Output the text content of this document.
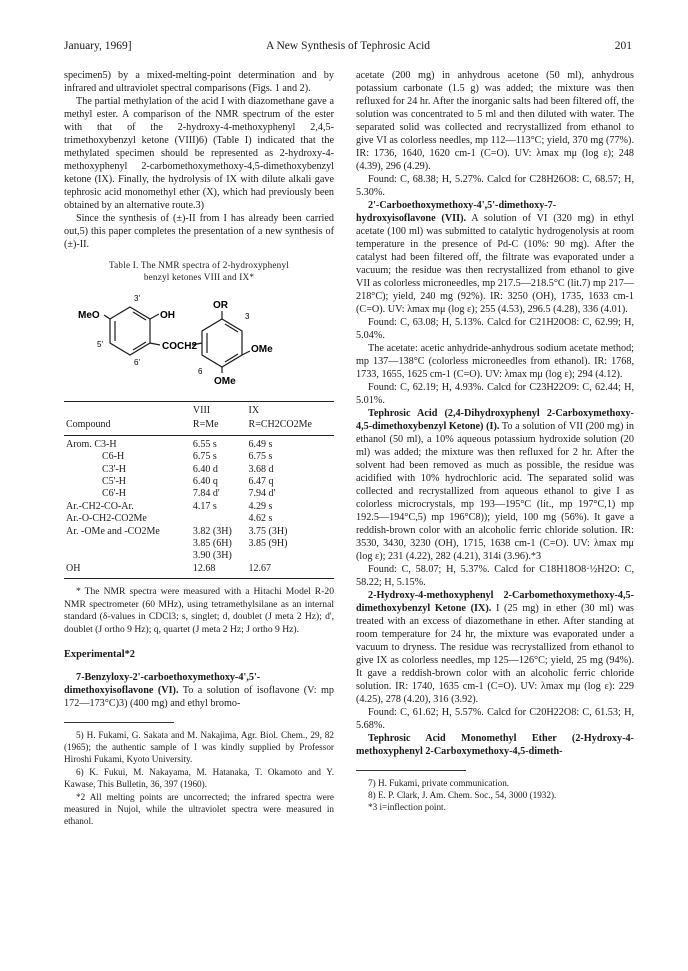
January, 1969]	A New Synthesis of Tephrosic Acid	201

specimen5) by a mixed-melting-point determination and by infrared and ultraviolet spectral comparisons (Figs. 1 and 2).

The partial methylation of the acid I with diazomethane gave a methyl ester. A comparison of the NMR spectrum of the ester with that of the 2-hydroxy-4-methoxyphenyl 2,4,5-trimethoxybenzyl ketone (VIII)6) (Table I) indicated that the methylated specimen should be represented as 2-hydroxy-4-methoxyphenyl 2-carbomethoxymethoxy-4,5-dimethoxybenzyl ketone (IX). Finally, the hydrolysis of IX with dilute alkali gave tephrosic acid monomethyl ether (X), which had previously been obtained by an alternative route.3)

Since the synthesis of (±)-II from I has already been carried out,5) this paper completes the presentation of a new synthesis of (±)-II.

Table I. The NMR spectra of 2-hydroxyphenyl
benzyl ketones VIII and IX*
MeO	OH
COCH2
OR
OMe
OMe
3'
5'
6'
3
6
	VIII	IX
Compound	R=Me	R=CH2CO2Me
Arom. C3-H	6.55 s	6.49 s
C6-H	6.75 s	6.75 s
C3'-H	6.40 d	3.68 d
C5'-H	6.40 q	6.47 q
C6'-H	7.84 d'	7.94 d'
Ar.-CH2-CO-Ar.	4.17 s	4.29 s
Ar.-O-CH2-CO2Me		4.62 s
Ar. -OMe and -CO2Me	3.82 (3H)	3.75 (3H)
	3.85 (6H)	3.85 (9H)
	3.90 (3H)	
OH	12.68	12.67

* The NMR spectra were measured with a Hitachi Model R-20 NMR spectrometer (60 MHz), using tetramethylsilane as an internal standard (δ-values in CDCl3; s, singlet; d, doublet (J meta 2 Hz); d', doublet (J ortho 9 Hz); q, quartet (J meta 2 Hz; J ortho 9 Hz).

Experimental*2

7-Benzyloxy-2'-carboethoxymethoxy-4',5'-dimethoxyisoflavone (VI). To a solution of isoflavone (V: mp 172—173°C)3) (400 mg) and ethyl bromo-

5) H. Fukami, G. Sakata and M. Nakajima, Agr. Biol. Chem., 29, 82 (1965); the authentic sample of I was kindly supplied by Professor Hiroshi Fukami, Kyoto University.

6) K. Fukui, M. Nakayama, M. Hatanaka, T. Okamoto and Y. Kawase, This Bulletin, 36, 397 (1960).

*2 All melting points are uncorrected; the infrared spectra were measured in Nujol, while the ultraviolet spectra were measured in ethanol.

acetate (200 mg) in anhydrous acetone (50 ml), anhydrous potassium carbonate (1.5 g) was added; the mixture was then refluxed for 24 hr. After the inorganic salts had been filtered off, the solution was concentrated to 5 ml and then diluted with water. The separated solid was collected and recrystallized from ethanol to give VI as colorless needles, mp 112—113°C; yield, 370 mg (77%). IR: 1736, 1640, 1620 cm-1 (C=O). UV: λmax mμ (log ε); 248 (4.39), 296 (4.29).

Found: C, 68.38; H, 5.27%. Calcd for C28H26O8: C, 68.57; H, 5.30%.

2'-Carboethoxymethoxy-4',5'-dimethoxy-7-hydroxyisoflavone (VII). A solution of VI (320 mg) in ethyl acetate (100 ml) was submitted to catalytic hydrogenolysis at room temperature in the presence of Pd-C (10%: 90 mg). After the catalyst had been filtered off, the filtrate was evaporated under a vacuum; the residue was then recrystallized from ethanol to give VII as colorless microneedles, mp 217.5—218.5°C (lit.7) mp 217—218°C); yield, 240 mg (92%). IR: 3250 (OH), 1735, 1633 cm-1 (C=O). UV: λmax mμ (log ε); 255 (4.53), 296.5 (4.28), 336 (4.01).

Found: C, 63.08; H, 5.13%. Calcd for C21H20O8: C, 62.99; H, 5.04%.

The acetate: acetic anhydride-anhydrous sodium acetate method; mp 137—138°C (colorless microneedles from ethanol). IR: 1768, 1733, 1655, 1625 cm-1 (C=O). UV: λmax mμ (log ε); 294 (4.12).

Found: C, 62.19; H, 4.93%. Calcd for C23H22O9: C, 62.44; H, 5.01%.

Tephrosic Acid (2,4-Dihydroxyphenyl 2-Carboxymethoxy-4,5-dimethoxybenzyl Ketone) (I). To a solution of VII (200 mg) in ethanol (50 ml), a 10% aqueous potassium hydroxide solution (20 ml) was added; the mixture was then refluxed for 2 hr. After the solvent had been removed as much as possible, the residue was acidified with 10% hydrochloric acid. The separated solid was collected and recrystallized from aqueous ethanol to give I as colorless microcrystals, mp 193—195°C (lit., mp 197°C,1) mp 192.5—194°C,5) mp 196°C8)); yield, 100 mg (56%). It gave a reddish-brown color with an alcoholic ferric chloride solution. IR: 3530, 3430, 3230 (OH), 1715, 1638 cm-1 (C=O). UV: λmax mμ (log ε); 231 (4.22), 282 (4.21), 314i (3.96).*3

Found: C, 58.07; H, 5.37%. Calcd for C18H18O8·½H2O: C, 58.22; H, 5.15%.

2-Hydroxy-4-methoxyphenyl 2-Carbomethoxymethoxy-4,5-dimethoxybenzyl Ketone (IX). I (25 mg) in ether (30 ml) was treated with an excess of diazomethane in ether. After standing at room temperature for 24 hr, the mixture was evaporated under a vacuum to dryness. The residue was recrystallized from ethanol to give IX as colorless needles, mp 125—126°C; yield, 25 mg (94%). It gave a reddish-brown color with an alcoholic ferric chloride solution. IR: 1740, 1635 cm-1 (C=O). UV: λmax mμ (log ε): 229 (4.25), 278 (4.20), 316 (3.92).

Found: C, 61.62; H, 5.57%. Calcd for C20H22O8: C, 61.53; H, 5.68%.

Tephrosic Acid Monomethyl Ether (2-Hydroxy-4-methoxyphenyl 2-Carboxymethoxy-4,5-dimeth-

7) H. Fukami, private communication.

8) E. P. Clark, J. Am. Chem. Soc., 54, 3000 (1932).

*3 i=inflection point.
